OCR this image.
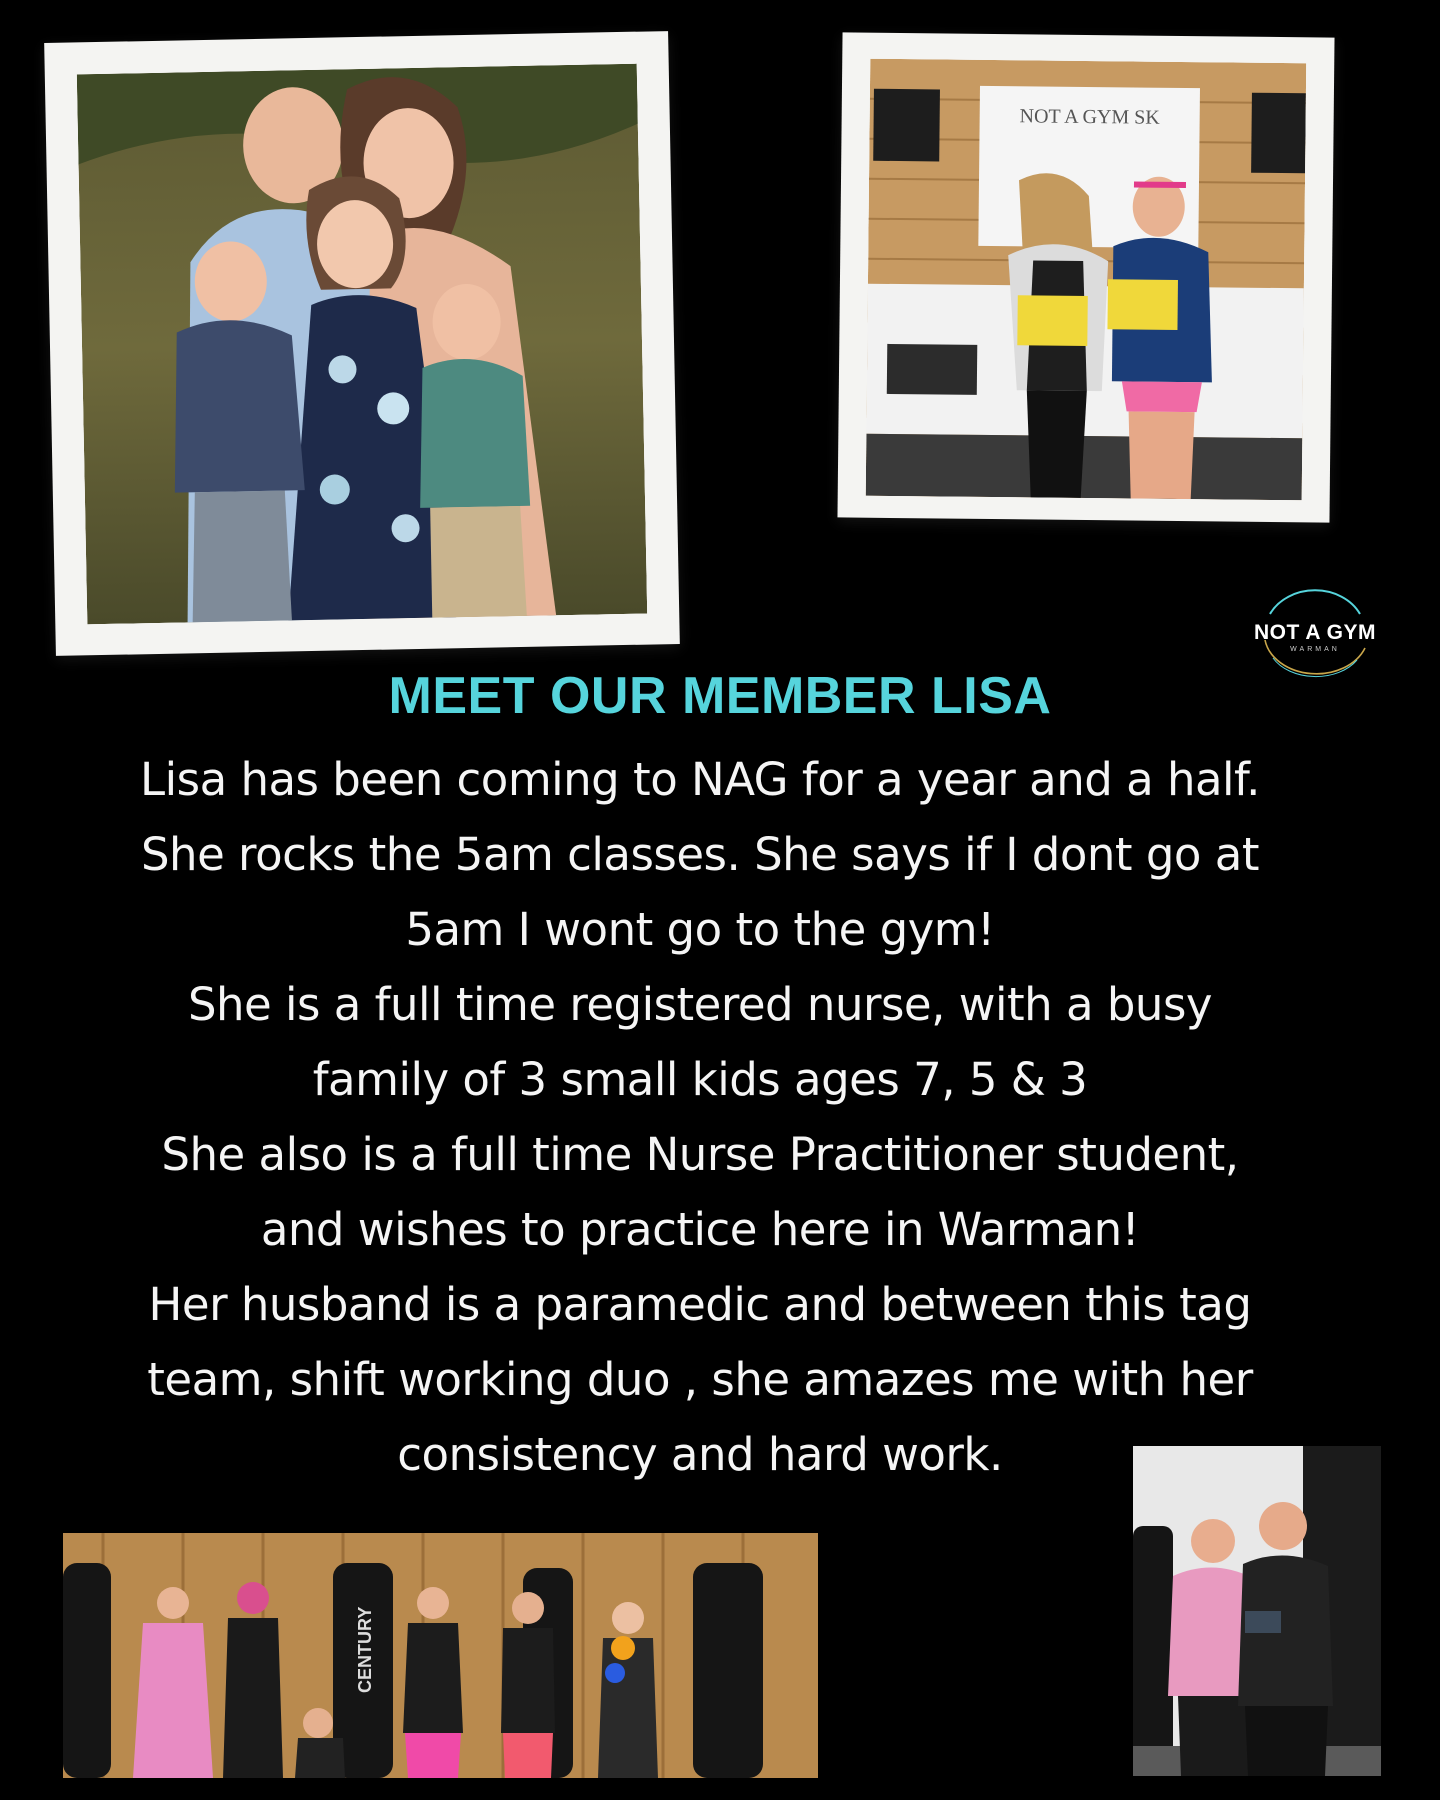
NOT A GYM SK
NOT A GYM
WARMAN
MEET OUR MEMBER LISA
Lisa has been coming to NAG for a year and a half.
She rocks the 5am classes. She says if I dont go at
5am I wont go to the gym!
She is a full time registered nurse, with a busy
family of 3 small kids ages 7, 5 & 3
She also is a full time Nurse Practitioner student,
and wishes to practice here in Warman!
Her husband is a paramedic and between this tag
team, shift working duo , she amazes me with her
consistency and hard work.
CENTURY
